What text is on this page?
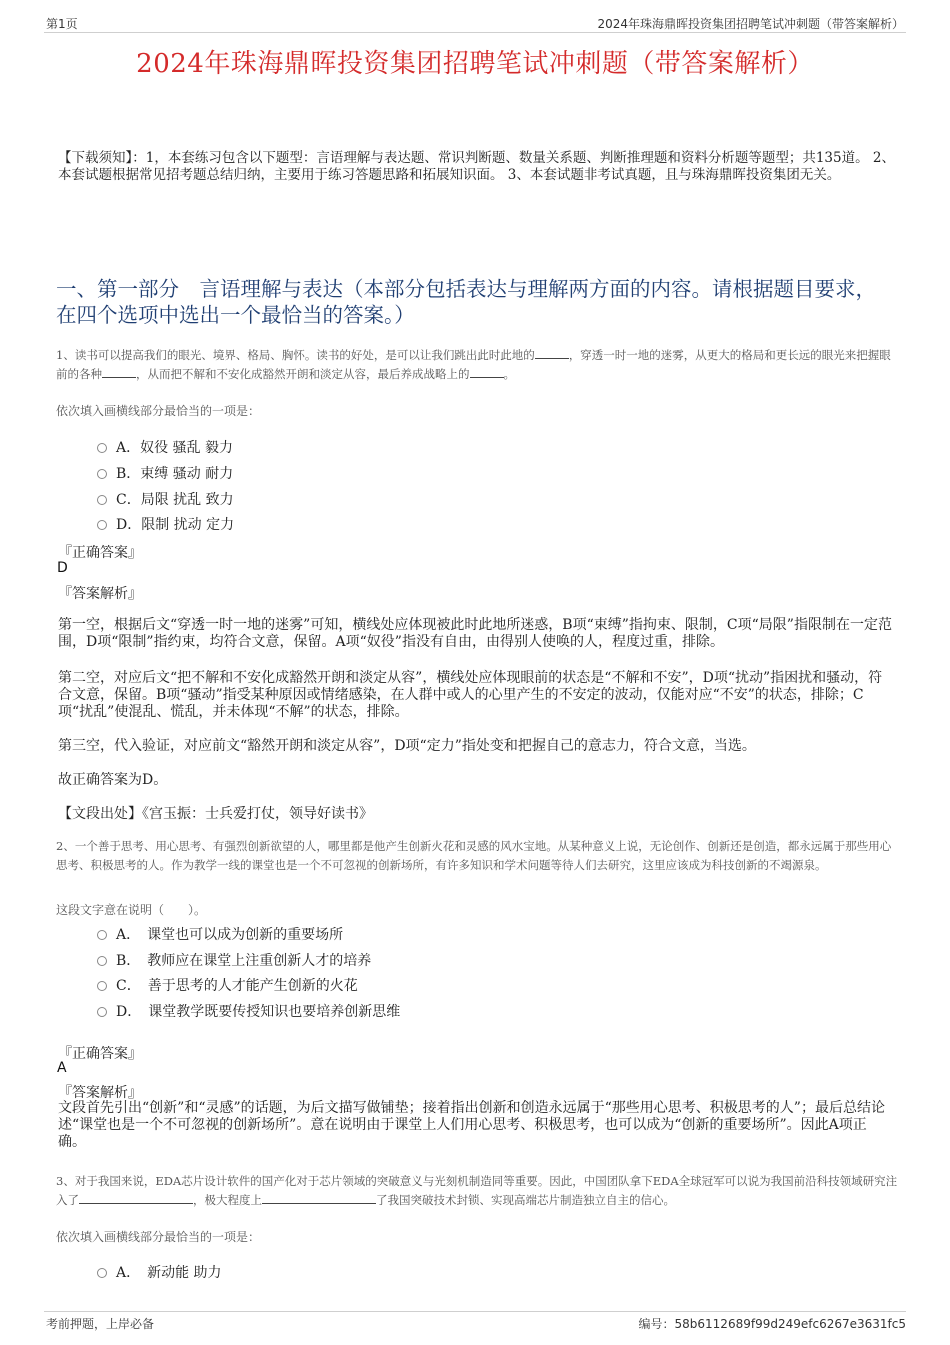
第1页	2024年珠海鼎晖投资集团招聘笔试冲刺题（带答案解析）
2024年珠海鼎晖投资集团招聘笔试冲刺题（带答案解析）
【下载须知】：1，本套练习包含以下题型：言语理解与表达题、常识判断题、数量关系题、判断推理题和资料分析题等题型；共135道。 2、本套试题根据常见招考题总结归纳，主要用于练习答题思路和拓展知识面。 3、本套试题非考试真题，且与珠海鼎晖投资集团无关。
一、第一部分　言语理解与表达（本部分包括表达与理解两方面的内容。请根据题目要求，在四个选项中选出一个最恰当的答案。）
1、读书可以提高我们的眼光、境界、格局、胸怀。读书的好处，是可以让我们跳出此时此地的	，穿透一时一地的迷雾，从更大的格局和更长远的眼光来把握眼前的各种	，从而把不解和不安化成豁然开朗和淡定从容，最后养成战略上的	。
依次填入画横线部分最恰当的一项是：
A．奴役 骚乱 毅力
B．束缚 骚动 耐力
C．局限 扰乱 致力
D．限制 扰动 定力
『正确答案』
D
『答案解析』
第一空，根据后文“穿透一时一地的迷雾”可知，横线处应体现被此时此地所迷惑，B项“束缚”指拘束、限制，C项“局限”指限制在一定范围，D项“限制”指约束，均符合文意，保留。A项“奴役”指没有自由，由得别人使唤的人，程度过重，排除。
第二空，对应后文“把不解和不安化成豁然开朗和淡定从容”，横线处应体现眼前的状态是“不解和不安”，D项“扰动”指困扰和骚动，符合文意，保留。B项“骚动”指受某种原因或情绪感染，在人群中或人的心里产生的不安定的波动，仅能对应“不安”的状态，排除；C项“扰乱”使混乱、慌乱，并未体现“不解”的状态，排除。
第三空，代入验证，对应前文“豁然开朗和淡定从容”，D项“定力”指处变和把握自己的意志力，符合文意，当选。
故正确答案为D。
【文段出处】《宫玉振：士兵爱打仗，领导好读书》
2、一个善于思考、用心思考、有强烈创新欲望的人，哪里都是他产生创新火花和灵感的风水宝地。从某种意义上说，无论创作、创新还是创造，都永远属于那些用心思考、积极思考的人。作为教学一线的课堂也是一个不可忽视的创新场所，有许多知识和学术问题等待人们去研究，这里应该成为科技创新的不竭源泉。
这段文字意在说明（　　）。
A．　课堂也可以成为创新的重要场所
B．　教师应在课堂上注重创新人才的培养
C．　善于思考的人才能产生创新的火花
D．　课堂教学既要传授知识也要培养创新思维
『正确答案』
A
『答案解析』
文段首先引出“创新”和“灵感”的话题，为后文描写做铺垫；接着指出创新和创造永远属于“那些用心思考、积极思考的人”；最后总结论述“课堂也是一个不可忽视的创新场所”。意在说明由于课堂上人们用心思考、积极思考，也可以成为“创新的重要场所”。因此A项正确。
3、对于我国来说，EDA芯片设计软件的国产化对于芯片领域的突破意义与光刻机制造同等重要。因此，中国团队拿下EDA全球冠军可以说为我国前沿科技领域研究注入了	，极大程度上	了我国突破技术封锁、实现高端芯片制造独立自主的信心。
依次填入画横线部分最恰当的一项是：
A．　新动能 助力
考前押题，上岸必备	编号：58b6112689f99d249efc6267e3631fc5
